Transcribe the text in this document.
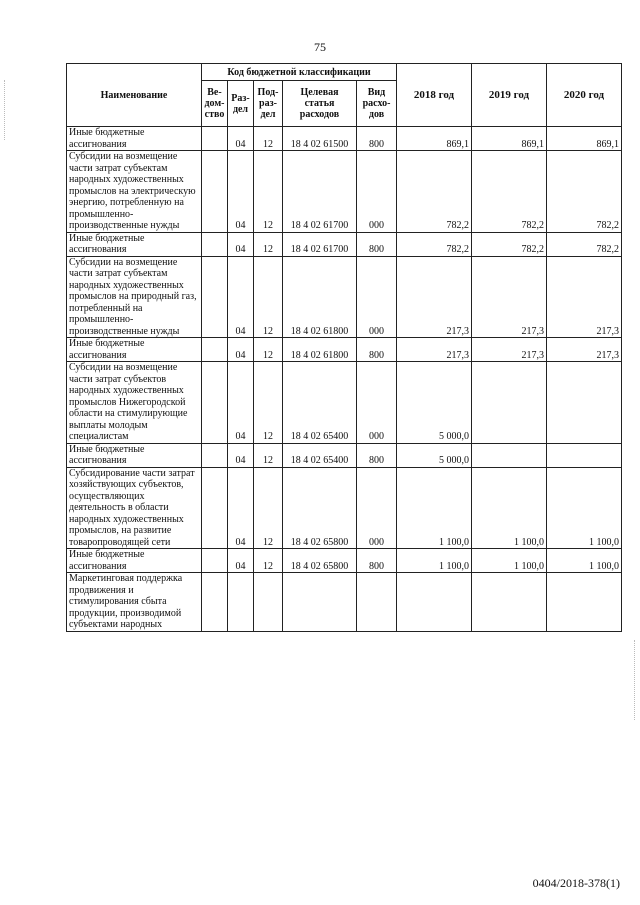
75
Наименование	Код бюджетной классификации					2018 год	2019 год	2020 год
	Ве-дом-ство	Раз-дел	Под-раз-дел	Целевая статья расходов	Вид расхо-дов			
Иные бюджетные ассигнования		04	12	18 4 02 61500	800	869,1	869,1	869,1
Субсидии на возмещение части затрат субъектам народных художественных промыслов на электрическую энергию, потребленную на промышленно-производственные нужды		04	12	18 4 02 61700	000	782,2	782,2	782,2
Иные бюджетные ассигнования		04	12	18 4 02 61700	800	782,2	782,2	782,2
Субсидии на возмещение части затрат субъектам народных художественных промыслов на природный газ, потребленный на промышленно-производственные нужды		04	12	18 4 02 61800	000	217,3	217,3	217,3
Иные бюджетные ассигнования		04	12	18 4 02 61800	800	217,3	217,3	217,3
Субсидии на возмещение части затрат субъектов народных художественных промыслов Нижегородской области на стимулирующие выплаты молодым специалистам		04	12	18 4 02 65400	000	5 000,0		
Иные бюджетные ассигнования		04	12	18 4 02 65400	800	5 000,0		
Субсидирование части затрат хозяйствующих субъектов, осуществляющих деятельность в области народных художественных промыслов, на развитие товаропроводящей сети		04	12	18 4 02 65800	000	1 100,0	1 100,0	1 100,0
Иные бюджетные ассигнования		04	12	18 4 02 65800	800	1 100,0	1 100,0	1 100,0
Маркетинговая поддержка продвижения и стимулирования сбыта продукции, производимой субъектами народных								
0404/2018-378(1)
